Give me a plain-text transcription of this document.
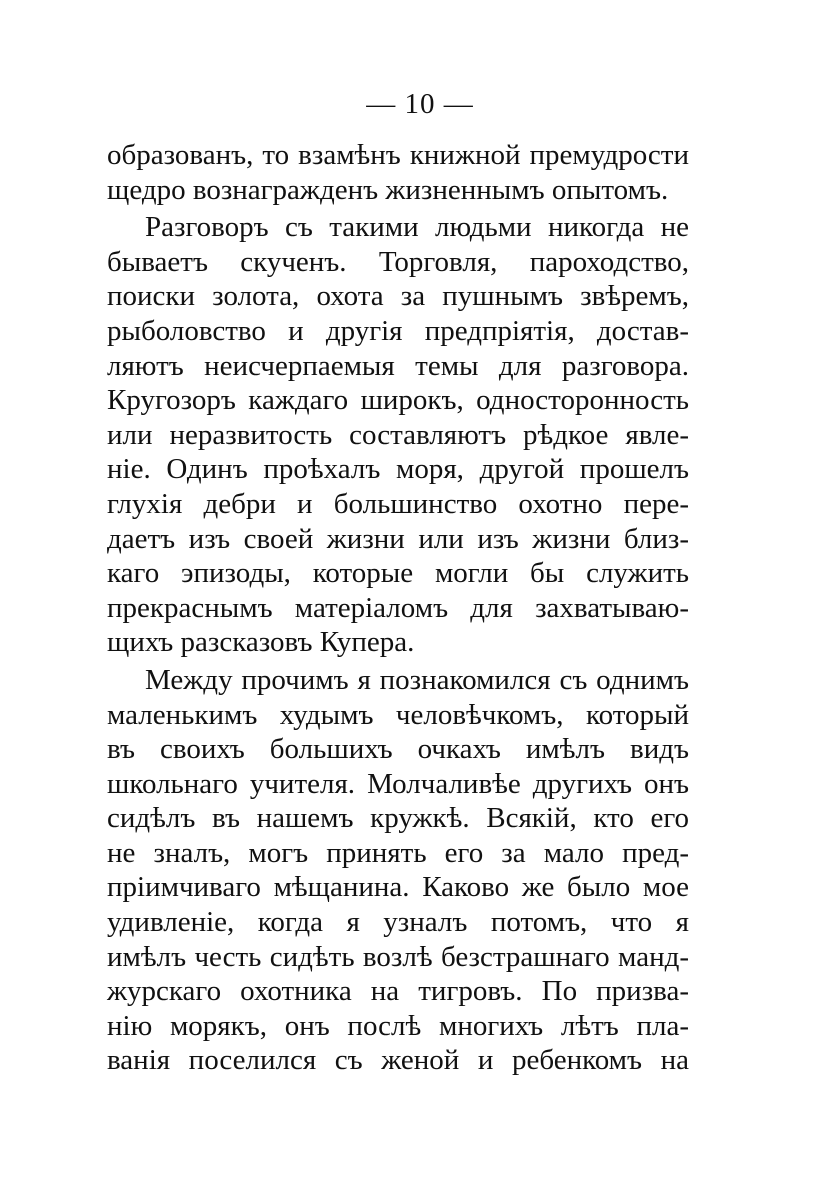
— 10 —
образованъ, то взамѣнъ книжной премудрости
щедро вознагражденъ жизненнымъ опытомъ.
Разговоръ съ такими людьми никогда не
бываетъ скученъ. Торговля, пароходство,
поиски золота, охота за пушнымъ звѣремъ,
рыболовство и другія предпріятія, достав-
ляютъ неисчерпаемыя темы для разговора.
Кругозоръ каждаго широкъ, односторонность
или неразвитость составляютъ рѣдкое явле-
ніе. Одинъ проѣхалъ моря, другой прошелъ
глухія дебри и большинство охотно пере-
даетъ изъ своей жизни или изъ жизни близ-
каго эпизоды, которые могли бы служить
прекраснымъ матеріаломъ для захватываю-
щихъ разсказовъ Купера.
Между прочимъ я познакомился съ однимъ
маленькимъ худымъ человѣчкомъ, который
въ своихъ большихъ очкахъ имѣлъ видъ
школьнаго учителя. Молчаливѣе другихъ онъ
сидѣлъ въ нашемъ кружкѣ. Всякій, кто его
не зналъ, могъ принять его за мало пред-
пріимчиваго мѣщанина. Каково же было мое
удивленіе, когда я узналъ потомъ, что я
имѣлъ честь сидѣть возлѣ безстрашнаго манд-
журскаго охотника на тигровъ. По призва-
нію морякъ, онъ послѣ многихъ лѣтъ пла-
ванія поселился съ женой и ребенкомъ на
